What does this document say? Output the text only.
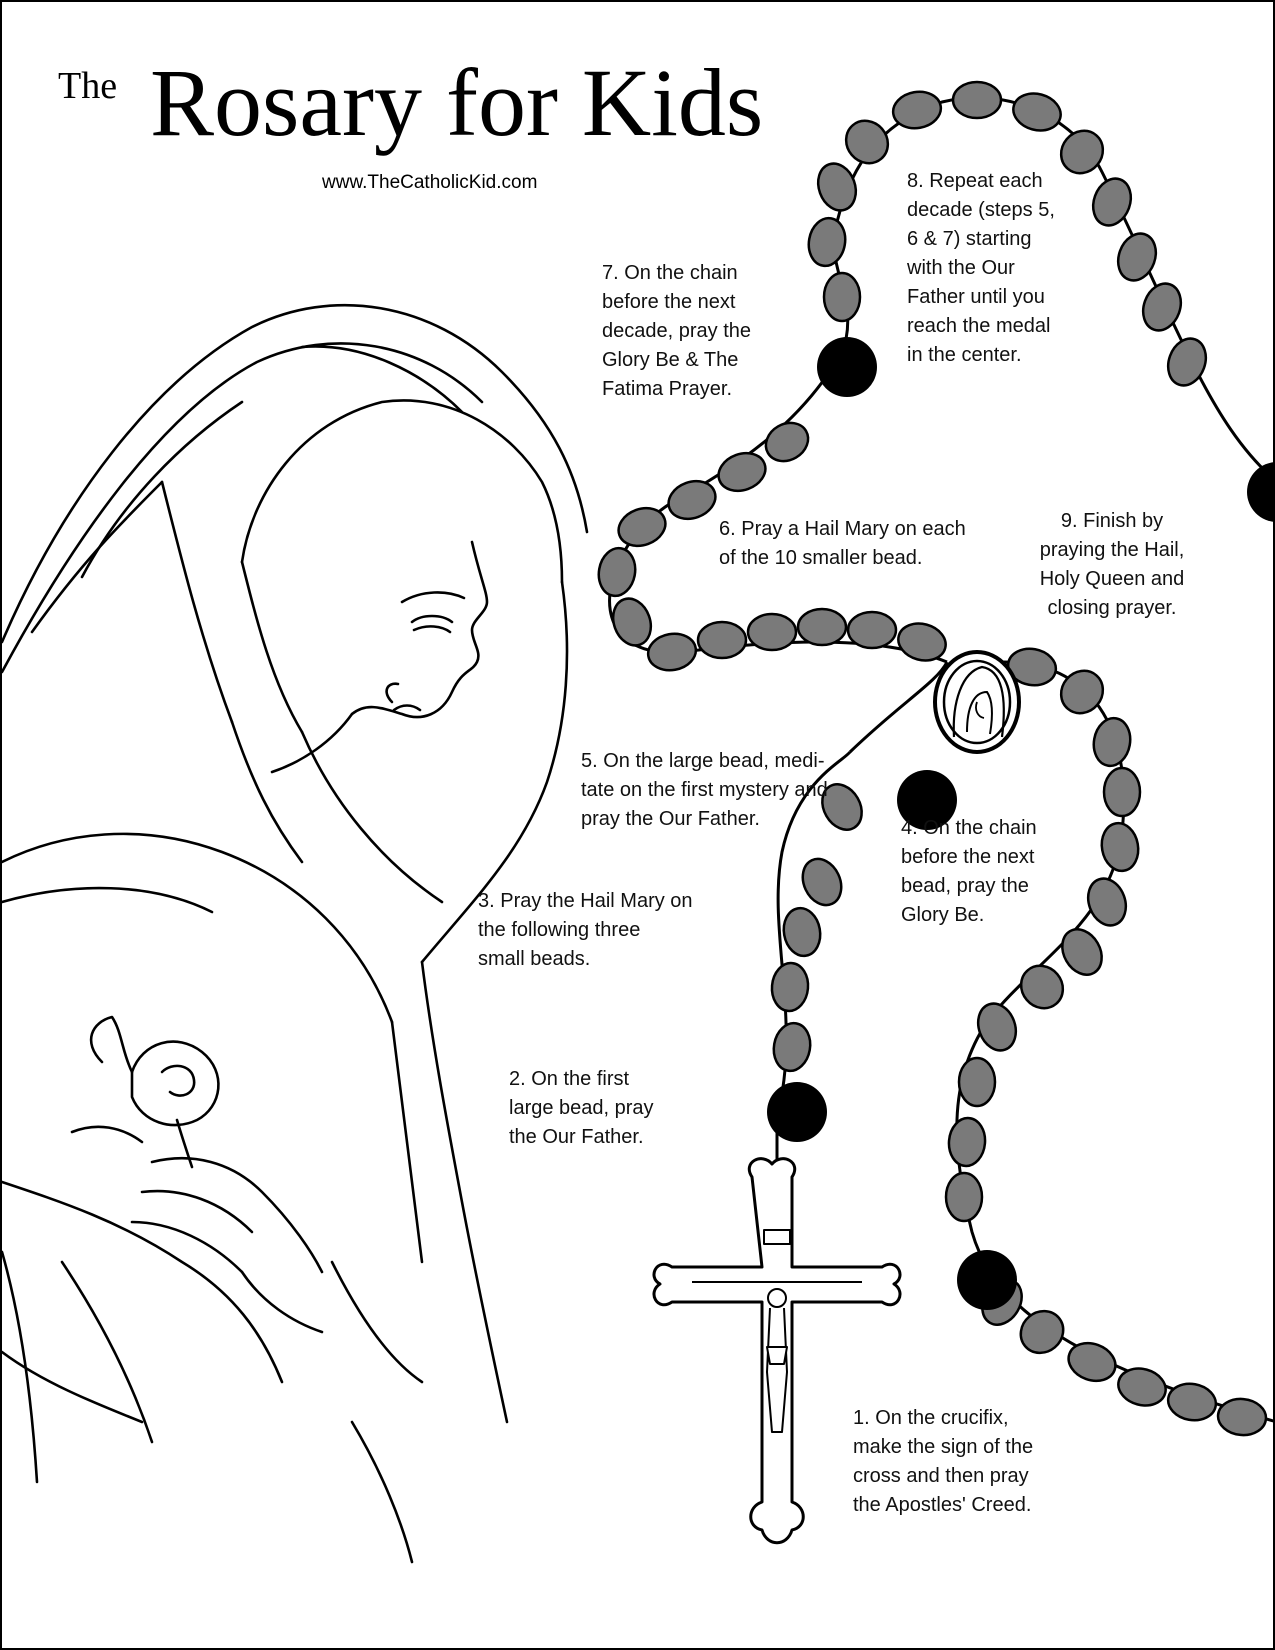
The Rosary for Kids
www.TheCatholicKid.com
1. On the crucifix,
make the sign of the
cross and then pray
the Apostles' Creed.
2. On the first
large bead, pray
the Our Father.
3. Pray the Hail Mary on
the following three
small beads.
4. On the chain
before the next
bead, pray the
Glory Be.
5. On the large bead, medi-
tate on the first mystery and
pray the Our Father.
6. Pray a Hail Mary on each
of the 10 smaller bead.
7. On the chain
before the next
decade, pray the
Glory Be & The
Fatima Prayer.
8. Repeat each
decade (steps 5,
6 & 7) starting
with the Our
Father until you
reach the medal
in the center.
9. Finish by
praying the Hail,
Holy Queen and
closing prayer.
